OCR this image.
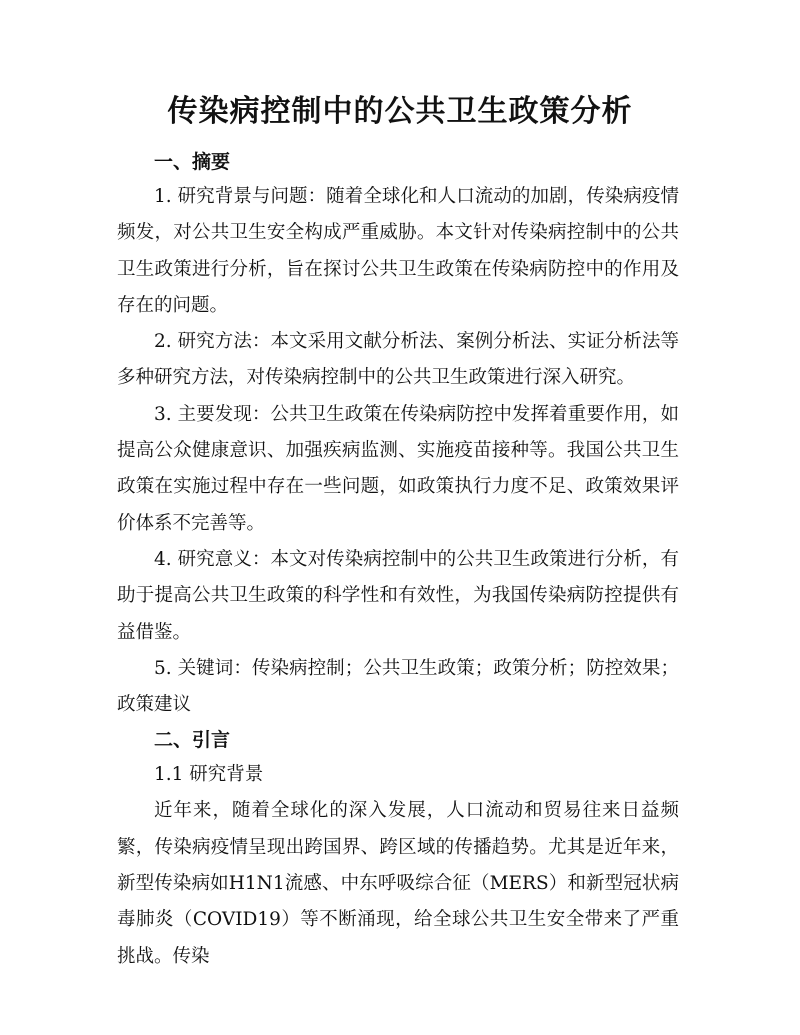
传染病控制中的公共卫生政策分析
一、摘要

1. 研究背景与问题：随着全球化和人口流动的加剧，传染病疫情频发，对公共卫生安全构成严重威胁。本文针对传染病控制中的公共卫生政策进行分析，旨在探讨公共卫生政策在传染病防控中的作用及存在的问题。

2. 研究方法：本文采用文献分析法、案例分析法、实证分析法等多种研究方法，对传染病控制中的公共卫生政策进行深入研究。

3. 主要发现：公共卫生政策在传染病防控中发挥着重要作用，如提高公众健康意识、加强疾病监测、实施疫苗接种等。我国公共卫生政策在实施过程中存在一些问题，如政策执行力度不足、政策效果评价体系不完善等。

4. 研究意义：本文对传染病控制中的公共卫生政策进行分析，有助于提高公共卫生政策的科学性和有效性，为我国传染病防控提供有益借鉴。

5. 关键词：传染病控制；公共卫生政策；政策分析；防控效果；政策建议

二、引言

1.1 研究背景

近年来，随着全球化的深入发展，人口流动和贸易往来日益频繁，传染病疫情呈现出跨国界、跨区域的传播趋势。尤其是近年来，新型传染病如H1N1流感、中东呼吸综合征（MERS）和新型冠状病毒肺炎（COVID19）等不断涌现，给全球公共卫生安全带来了严重挑战。传染
